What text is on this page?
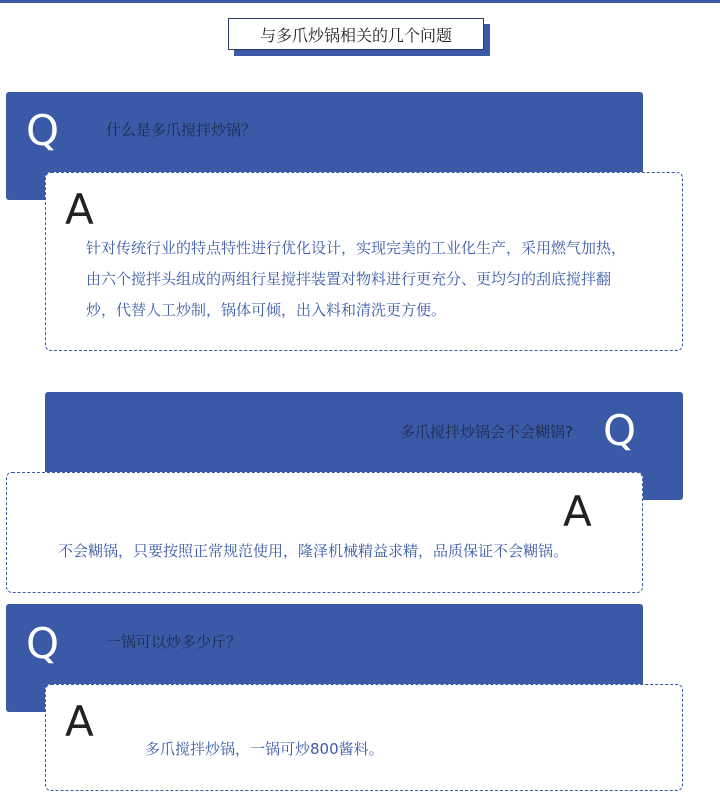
与多爪炒锅相关的几个问题
Q	什么是多爪搅拌炒锅？
A
针对传统行业的特点特性进行优化设计，实现完美的工业化生产，采用燃气加热，
由六个搅拌头组成的两组行星搅拌装置对物料进行更充分、更均匀的刮底搅拌翻
炒，代替人工炒制，锅体可倾，出入料和清洗更方便。
多爪搅拌炒锅会不会糊锅? Q
A
不会糊锅，只要按照正常规范使用，隆泽机械精益求精，品质保证不会糊锅。
Q	一锅可以炒多少斤？
A
多爪搅拌炒锅，一锅可炒800酱料。
